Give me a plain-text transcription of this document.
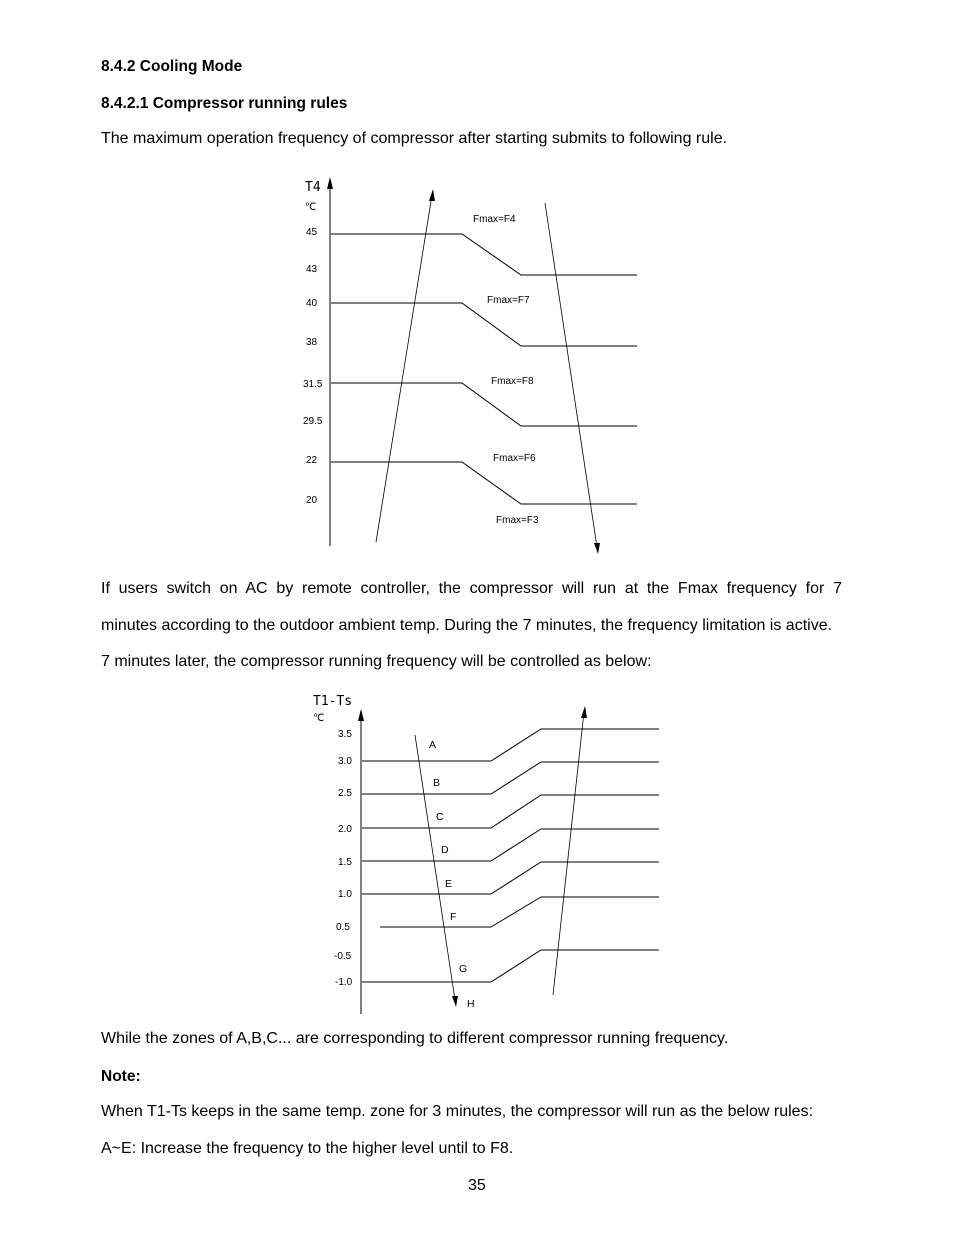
8.4.2 Cooling Mode
8.4.2.1 Compressor running rules
The maximum operation frequency of compressor after starting submits to following rule.
T4
℃
45
43
40
38
31.5
29.5
22
20
Fmax=F4
Fmax=F7
Fmax=F8
Fmax=F6
Fmax=F3
T1-Ts
℃
3.5
3.0
2.5
2.0
1.5
1.0
0.5
-0.5
-1.0
A
B
C
D
E
F
G
H
If users switch on AC by remote controller, the compressor will run at the Fmax frequency for 7
minutes according to the outdoor ambient temp. During the 7 minutes, the frequency limitation is active.
7 minutes later, the compressor running frequency will be controlled as below:
While the zones of A,B,C... are corresponding to different compressor running frequency.
Note:
When T1-Ts keeps in the same temp. zone for 3 minutes, the compressor will run as the below rules:
A~E: Increase the frequency to the higher level until to F8.
35
